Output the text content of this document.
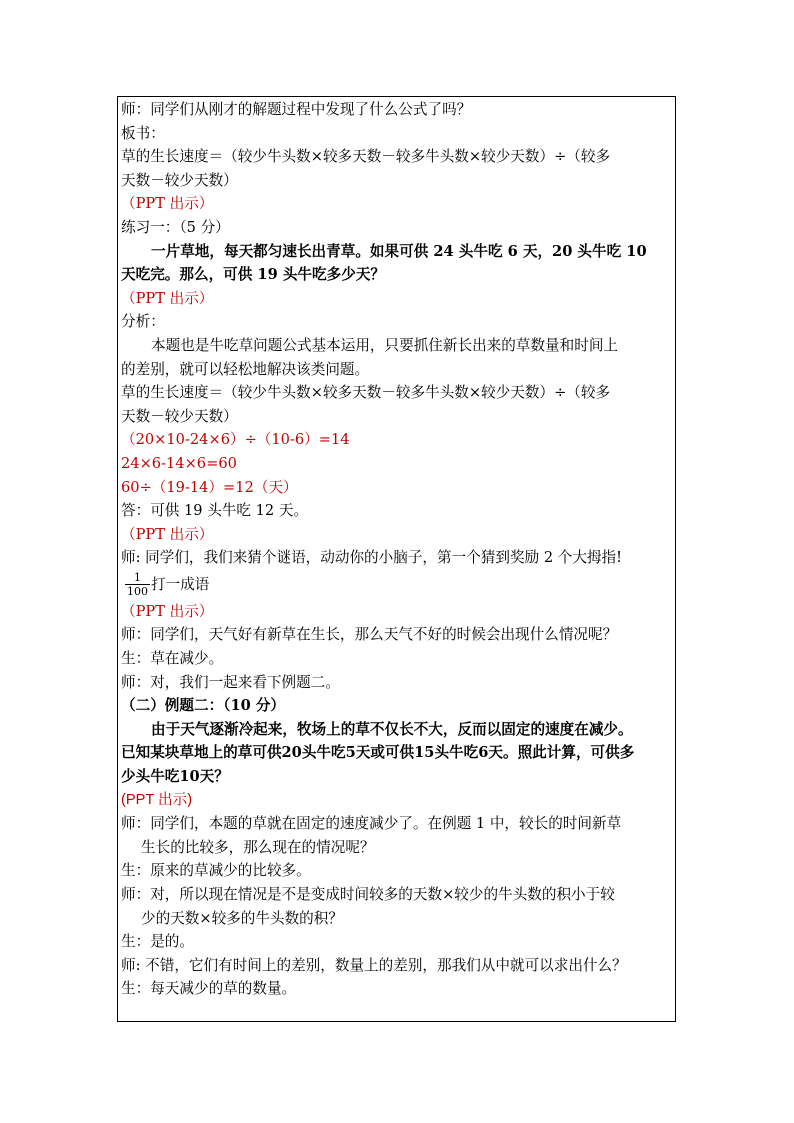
师：同学们从刚才的解题过程中发现了什么公式了吗？

板书：

草的生长速度＝（较少牛头数×较多天数－较多牛头数×较少天数）÷（较多

天数－较少天数）

（PPT 出示）

练习一：（5 分）

一片草地，每天都匀速长出青草。如果可供 24 头牛吃 6 天，20 头牛吃 10

天吃完。那么，可供 19 头牛吃多少天？

（PPT 出示）

分析：

本题也是牛吃草问题公式基本运用，只要抓住新长出来的草数量和时间上

的差别，就可以轻松地解决该类问题。

草的生长速度＝（较少牛头数×较多天数－较多牛头数×较少天数）÷（较多

天数－较少天数）

（20×10-24×6）÷（10-6）=14

24×6-14×6=60

60÷（19-14）=12（天）

答：可供 19 头牛吃 12 天。

（PPT 出示）

师: 同学们，我们来猜个谜语，动动你的小脑子，第一个猜到奖励 2 个大拇指!

$\frac{1}{100}$ 打一成语

（PPT 出示）

师：同学们，天气好有新草在生长，那么天气不好的时候会出现什么情况呢？

生：草在减少。

师：对，我们一起来看下例题二。

（二）例题二：（10 分）

由于天气逐渐冷起来，牧场上的草不仅长不大，反而以固定的速度在减少。

已知某块草地上的草可供20头牛吃5天或可供15头牛吃6天。照此计算，可供多

少头牛吃10天？

(PPT 出示)

师：同学们，本题的草就在固定的速度减少了。在例题 1 中，较长的时间新草

生长的比较多，那么现在的情况呢？

生：原来的草减少的比较多。

师：对，所以现在情况是不是变成时间较多的天数×较少的牛头数的积小于较

少的天数×较多的牛头数的积？

生：是的。

师: 不错，它们有时间上的差别，数量上的差别，那我们从中就可以求出什么？

生：每天减少的草的数量。
